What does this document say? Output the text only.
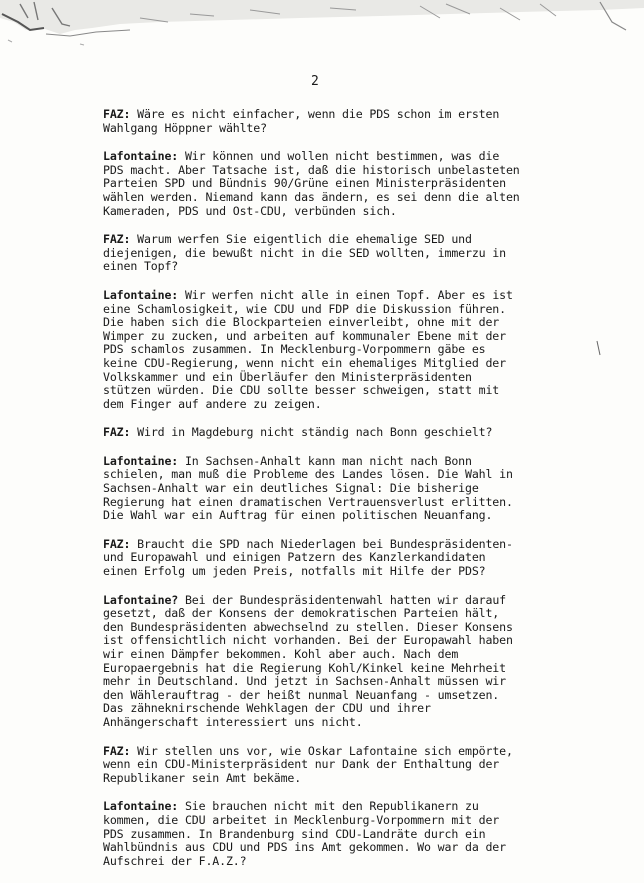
2
FAZ: Wäre es nicht einfacher, wenn die PDS schon im ersten
Wahlgang Höppner wählte?
Lafontaine: Wir können und wollen nicht bestimmen, was die
PDS macht. Aber Tatsache ist, daß die historisch unbelasteten
Parteien SPD und Bündnis 90/Grüne einen Ministerpräsidenten
wählen werden. Niemand kann das ändern, es sei denn die alten
Kameraden, PDS und Ost-CDU, verbünden sich.
FAZ: Warum werfen Sie eigentlich die ehemalige SED und
diejenigen, die bewußt nicht in die SED wollten, immerzu in
einen Topf?
Lafontaine: Wir werfen nicht alle in einen Topf. Aber es ist
eine Schamlosigkeit, wie CDU und FDP die Diskussion führen.
Die haben sich die Blockparteien einverleibt, ohne mit der
Wimper zu zucken, und arbeiten auf kommunaler Ebene mit der
PDS schamlos zusammen. In Mecklenburg-Vorpommern gäbe es
keine CDU-Regierung, wenn nicht ein ehemaliges Mitglied der
Volkskammer und ein Überläufer den Ministerpräsidenten
stützen würden. Die CDU sollte besser schweigen, statt mit
dem Finger auf andere zu zeigen.
FAZ: Wird in Magdeburg nicht ständig nach Bonn geschielt?
Lafontaine: In Sachsen-Anhalt kann man nicht nach Bonn
schielen, man muß die Probleme des Landes lösen. Die Wahl in
Sachsen-Anhalt war ein deutliches Signal: Die bisherige
Regierung hat einen dramatischen Vertrauensverlust erlitten.
Die Wahl war ein Auftrag für einen politischen Neuanfang.
FAZ: Braucht die SPD nach Niederlagen bei Bundespräsidenten-
und Europawahl und einigen Patzern des Kanzlerkandidaten
einen Erfolg um jeden Preis, notfalls mit Hilfe der PDS?
Lafontaine? Bei der Bundespräsidentenwahl hatten wir darauf
gesetzt, daß der Konsens der demokratischen Parteien hält,
den Bundespräsidenten abwechselnd zu stellen. Dieser Konsens
ist offensichtlich nicht vorhanden. Bei der Europawahl haben
wir einen Dämpfer bekommen. Kohl aber auch. Nach dem
Europaergebnis hat die Regierung Kohl/Kinkel keine Mehrheit
mehr in Deutschland. Und jetzt in Sachsen-Anhalt müssen wir
den Wählerauftrag - der heißt nunmal Neuanfang - umsetzen.
Das zähneknirschende Wehklagen der CDU und ihrer
Anhängerschaft interessiert uns nicht.
FAZ: Wir stellen uns vor, wie Oskar Lafontaine sich empörte,
wenn ein CDU-Ministerpräsident nur Dank der Enthaltung der
Republikaner sein Amt bekäme.
Lafontaine: Sie brauchen nicht mit den Republikanern zu
kommen, die CDU arbeitet in Mecklenburg-Vorpommern mit der
PDS zusammen. In Brandenburg sind CDU-Landräte durch ein
Wahlbündnis aus CDU und PDS ins Amt gekommen. Wo war da der
Aufschrei der F.A.Z.?
